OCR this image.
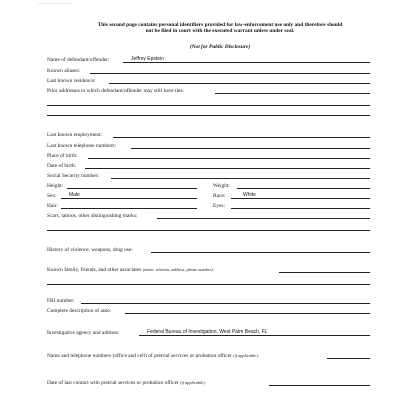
...................................
This second page contains personal identifiers provided for law-enforcement use only and therefore should not be filed in court with the executed warrant unless under seal.
(Not for Public Disclosure)
Name of defendant/offender:	Jeffrey Epstein
Known aliases:
Last known residence:
Prior addresses to which defendant/offender may still have ties:
Last known employment:
Last known telephone numbers:
Place of birth:
Date of birth:
Social Security number:
Height:	Weight:
Sex: Male	Race:	White
Hair:	Eyes:
Scars, tattoos, other distinguishing marks:
History of violence, weapons, drug use:
Known family, friends, and other associates (name, relation, address, phone number):
FBI number:
Complete description of auto:
Investigative agency and address:	Federal Bureau of Investigation, West Palm Beach, FL
Name and telephone numbers (office and cell) of pretrial services or probation officer (if applicable):
Date of last contact with pretrial services or probation officer (if applicable):
